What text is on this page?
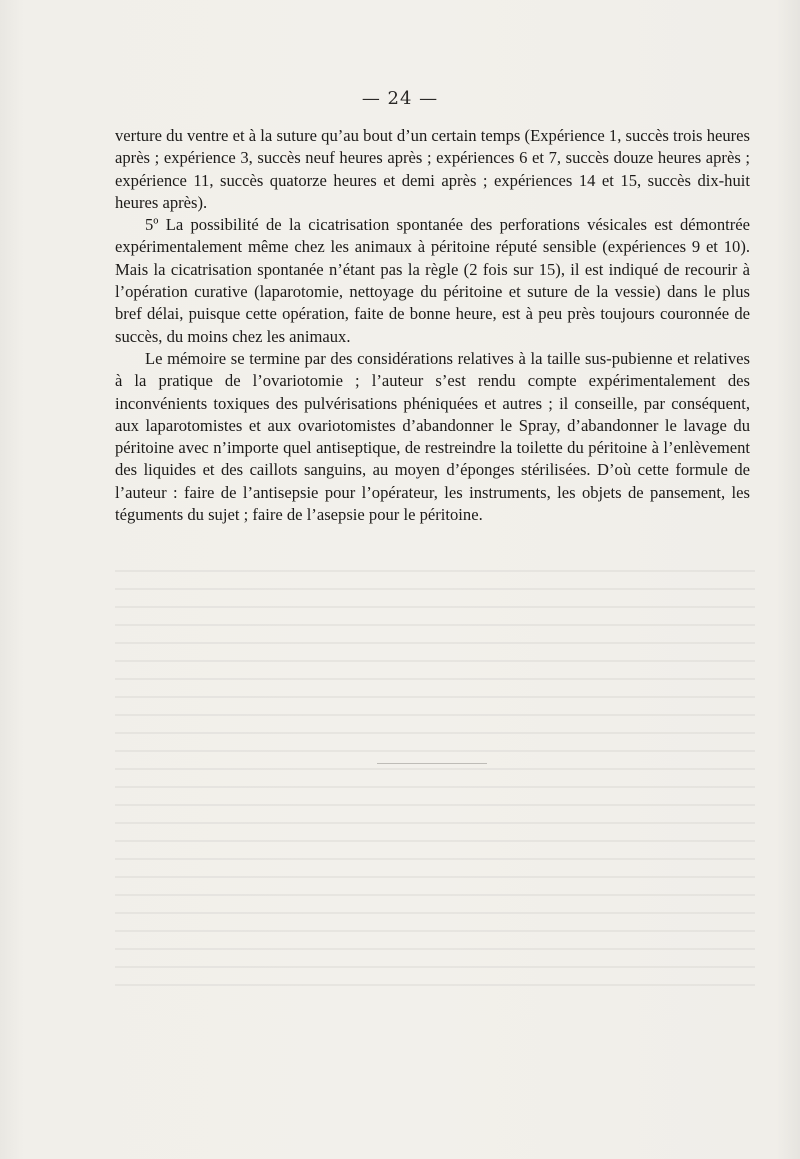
— 24 —

verture du ventre et à la suture qu’au bout d’un certain temps (Expérience 1, succès trois heures après ; expérience 3, succès neuf heures après ; expériences 6 et 7, succès douze heures après ; expérience 11, succès quatorze heures et demi après ; expériences 14 et 15, succès dix-huit heures après).

5º La possibilité de la cicatrisation spontanée des perforations vésicales est démontrée expérimentalement même chez les animaux à péritoine réputé sensible (expériences 9 et 10). Mais la cicatrisation spontanée n’étant pas la règle (2 fois sur 15), il est indiqué de recourir à l’opération curative (laparotomie, nettoyage du péritoine et suture de la vessie) dans le plus bref délai, puisque cette opération, faite de bonne heure, est à peu près toujours couronnée de succès, du moins chez les animaux.

Le mémoire se termine par des considérations relatives à la taille sus-pubienne et relatives à la pratique de l’ovariotomie ; l’auteur s’est rendu compte expérimentalement des inconvénients toxiques des pulvérisations phéniquées et autres ; il conseille, par conséquent, aux laparotomistes et aux ovariotomistes d’abandonner le Spray, d’abandonner le lavage du péritoine avec n’importe quel antiseptique, de restreindre la toilette du péritoine à l’enlèvement des liquides et des caillots sanguins, au moyen d’éponges stérilisées. D’où cette formule de l’auteur : faire de l’antisepsie pour l’opérateur, les instruments, les objets de pansement, les téguments du sujet ; faire de l’asepsie pour le péritoine.
